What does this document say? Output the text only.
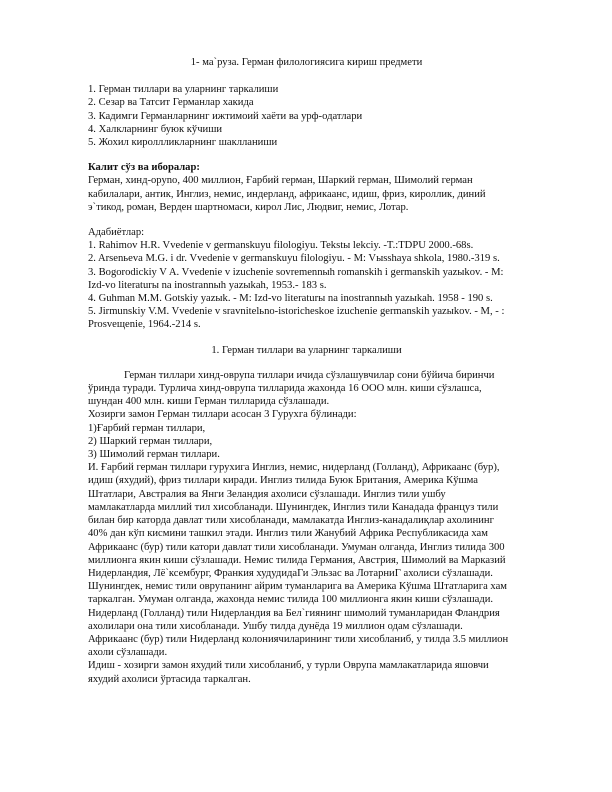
1- ма`руза. Герман филологиясига кириш предмети

1. Герман тиллари ва уларнинг таркалиши

2. Сезар ва Татсит Германлар хакида

3. Кадимги Германларнинг ижтимоий хаёти ва урф-одатлари

4. Халкларнинг буюк кўчиши

5. Жохил кироллликларнинг шаклланиши

Калит сўз ва иборалар:

Герман, хинд-оруnо, 400 миллион, Ғарбий герман, Шаркий герман, Шимолий герман

кабилалари, антик, Инглиз, немис, индерланд, африкаанс, идиш, фриз, кироллик, диний

э`тикод, роман, Верден шартномаси, кирол Лис, Людвиг, немис, Лотар.

Адабиётлар:

1. Rahimov H.R. Vvedenie v germanskuyu filologiyu. Tekstы lekcіy. -T.:TDPU 2000.-68s.

2. Arsenьeva M.G. i dr. Vvedenie v germanskuyu filologiyu. - M: Vыsshaya shkola, 1980.-319 s.

3. Bogorodickiy V A. Vvedenie v izuchenie sovremennыh romanskih i germanskih yazыkov. - M:

Izd-vo literaturы na inostrannыh yazыkah, 1953.- 183 s.

4. Guhman M.M. Gotskiy yazыk. - M: Izd-vo literaturы na inostrannыh yazыkah. 1958 - 190 s.

5. Jirmunskiy V.M. Vvedenie v sravnitelьno-istoricheskoe izuchenie germanskih yazыkov. - M, - :

Prosveщenie, 1964.-214 s.

1. Герман тиллари ва уларнинг таркалиши

Герман тиллари хинд-оврупа тиллари ичида сўзлашувчилар сони бўйича биринчи

ўринда туради. Турлича хинд-оврупа тилларида жахонда 16 ООО млн. киши сўзлашса,

шундан 400 млн. киши Герман тилларида сўзлашади.

Хозирги замон Герман тиллари асосан 3 Гурухга бўлинади:

1)Ғарбий герман тиллари,

2) Шаркий герман тиллари,

3) Шимолий герман тиллари.

И. Ғарбий герман тиллари гурухига Инглиз, немис, нидерланд (Голланд), Африкаанс (бур),

идиш (яхудий), фриз тиллари киради. Инглиз тилида Буюк Британия, Америка Кўшма

Штатлари, Австралия ва Янги Зеландия ахолиси сўзлашади. Инглиз тили ушбу

мамлакатларда миллий тил хисобланади. Шунингдек, Инглиз тили Канадада француз тили

билан бир каторда давлат тили хисобланади, мамлакатда Инглиз-канадалиқлар ахолининг

40% дан кўп кисмини ташкил этади. Инглиз тили Жанубий Африка Республикасида хам

Африкаанс (бур) тили катори давлат тили хисобланади. Умуман олганда, Инглиз тилида 300

миллионга якин киши сўзлашади. Немис тилида Германия, Австрия, Шимолий ва Марказий

Нидерландия, Лё`ксембург, Франкия худудидаГи Эльзас ва ЛотарниГ ахолиси сўзлашади.

Шунингдек, немис тили оврупанинг айрим туманларига ва Америка Кўшма Штатларига хам

таркалган. Умуман олганда, жахонда немис тилида 100 миллионга якин киши сўзлашади.

Нидерланд (Голланд) тили Нидерландия ва Бел`гиянинг шимолий туманларидан Фландрия

ахолилари она тили хисобланади. Ушбу тилда дунёда 19 миллион одам сўзлашади.

Африкаанс (бур) тили Нидерланд колониячиларининг тили хисобланиб, у тилда 3.5 миллион

ахоли сўзлашади.

Идиш - хозирги замон яхудий тили хисобланиб, у турли Оврупа мамлакатларида яшовчи

яхудий ахолиси ўртасида таркалган.
